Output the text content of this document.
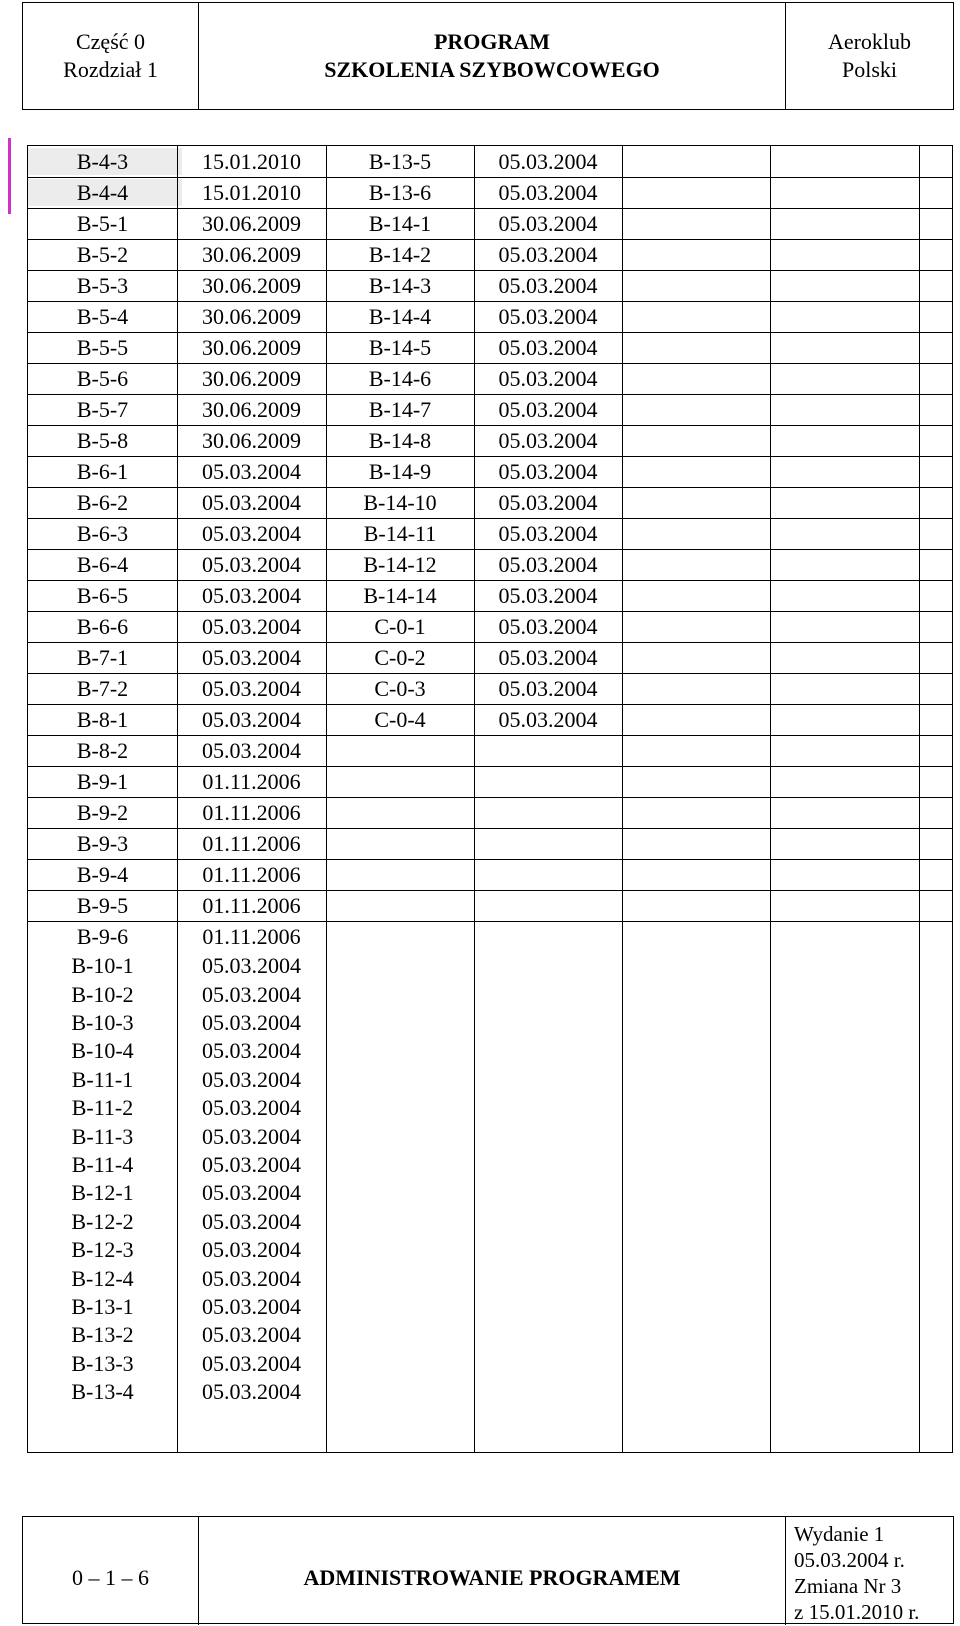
Część 0
Rozdział 1
PROGRAM
SZKOLENIA SZYBOWCOWEGO
Aeroklub
Polski
B-4-3	15.01.2010	B-13-5	05.03.2004
B-4-4	15.01.2010	B-13-6	05.03.2004
B-5-1	30.06.2009	B-14-1	05.03.2004
B-5-2	30.06.2009	B-14-2	05.03.2004
B-5-3	30.06.2009	B-14-3	05.03.2004
B-5-4	30.06.2009	B-14-4	05.03.2004
B-5-5	30.06.2009	B-14-5	05.03.2004
B-5-6	30.06.2009	B-14-6	05.03.2004
B-5-7	30.06.2009	B-14-7	05.03.2004
B-5-8	30.06.2009	B-14-8	05.03.2004
B-6-1	05.03.2004	B-14-9	05.03.2004
B-6-2	05.03.2004	B-14-10	05.03.2004
B-6-3	05.03.2004	B-14-11	05.03.2004
B-6-4	05.03.2004	B-14-12	05.03.2004
B-6-5	05.03.2004	B-14-14	05.03.2004
B-6-6	05.03.2004	C-0-1	05.03.2004
B-7-1	05.03.2004	C-0-2	05.03.2004
B-7-2	05.03.2004	C-0-3	05.03.2004
B-8-1	05.03.2004	C-0-4	05.03.2004
B-8-2	05.03.2004
B-9-1	01.11.2006
B-9-2	01.11.2006
B-9-3	01.11.2006
B-9-4	01.11.2006
B-9-5	01.11.2006
B-9-6	01.11.2006
B-10-1	05.03.2004
B-10-2	05.03.2004
B-10-3	05.03.2004
B-10-4	05.03.2004
B-11-1	05.03.2004
B-11-2	05.03.2004
B-11-3	05.03.2004
B-11-4	05.03.2004
B-12-1	05.03.2004
B-12-2	05.03.2004
B-12-3	05.03.2004
B-12-4	05.03.2004
B-13-1	05.03.2004
B-13-2	05.03.2004
B-13-3	05.03.2004
B-13-4	05.03.2004
0 – 1 – 6	ADMINISTROWANIE PROGRAMEM
Wydanie 1
05.03.2004 r.
Zmiana Nr 3
z 15.01.2010 r.
